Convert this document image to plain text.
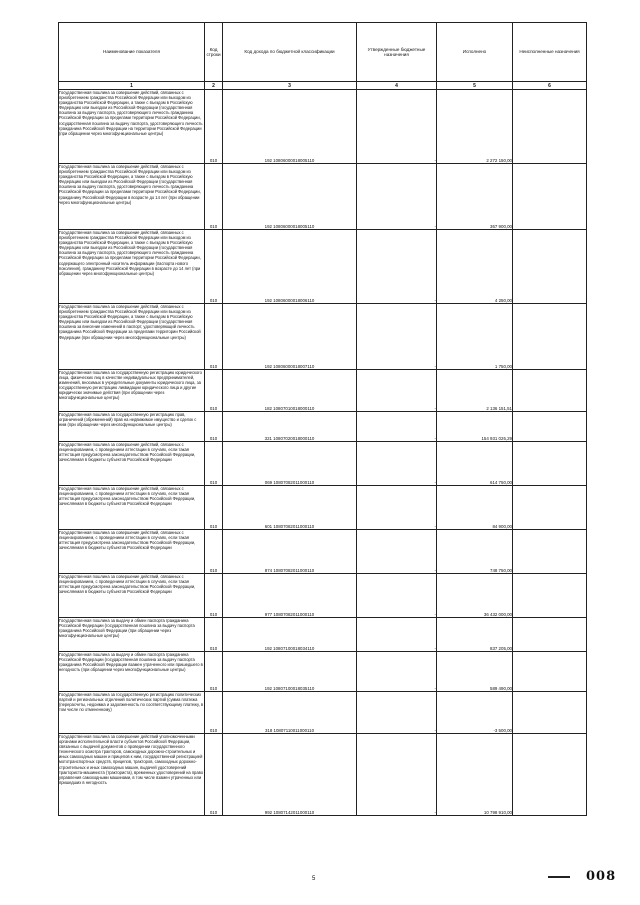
Наименование показателя	Код строки	Код дохода по бюджетной классификации	Утвержденные бюджетные назначения	Исполнено	Неисполненные назначения
1	2	3	4	5	6
Государственная пошлина за совершение действий, связанных с приобретением гражданства Российской Федерации или выходом из гражданства Российской Федерации, а также с въездом в Российскую Федерацию или выездом из Российской Федерации (государственная пошлина за выдачу паспорта, удостоверяющего личность гражданина Российской Федерации за пределами территории Российской Федерации, государственная пошлина за выдачу паспорта, удостоверяющего личность гражданина Российской Федерации на территории Российской Федерации (при обращении через многофункциональные центры)	010	192 10806000018005110	-	2 272 150,00	
Государственная пошлина за совершение действий, связанных с приобретением гражданства Российской Федерации или выходом из гражданства Российской Федерации, а также с въездом в Российскую Федерацию или выездом из Российской Федерации (государственная пошлина за выдачу паспорта, удостоверяющего личность гражданина Российской Федерации за пределами территории Российской Федерации, гражданину Российской Федерации в возрасте до 14 лет (при обращении через многофункциональные центры)	010	192 10806000018005110	-	367 900,00	
Государственная пошлина за совершение действий, связанных с приобретением гражданства Российской Федерации или выходом из гражданства Российской Федерации, а также с въездом в Российскую Федерацию или выездом из Российской Федерации (государственная пошлина за выдачу паспорта, удостоверяющего личность гражданина Российской Федерации за пределами территории Российской Федерации, содержащего электронный носитель информации (паспорта нового поколения), гражданину Российской Федерации в возрасте до 14 лет (при обращении через многофункциональные центры)	010	192 10806000018006110	-	4 250,00	
Государственная пошлина за совершение действий, связанных с приобретением гражданства Российской Федерации или выходом из гражданства Российской Федерации, а также с въездом в Российскую Федерацию или выездом из Российской Федерации (государственная пошлина за внесение изменений в паспорт, удостоверяющий личность гражданина Российской Федерации за пределами территории Российской Федерации (при обращении через многофункциональные центры)	010	192 10806000018007110	-	1 750,00	
Государственная пошлина за государственную регистрацию юридического лица, физических лиц в качестве индивидуальных предпринимателей, изменений, вносимых в учредительные документы юридического лица, за государственную регистрацию ликвидации юридического лица и другие юридически значимые действия (при обращении через многофункциональные центры)	010	182 10807010018000110	-	2 136 151,51	
Государственная пошлина за государственную регистрацию прав, ограничений (обременений) прав на недвижимое имущество и сделок с ним (при обращении через многофункциональные центры)	010	321 10807020018000110	-	154 931 026,29	
Государственная пошлина за совершение действий, связанных с лицензированием, с проведением аттестации в случаях, если такая аттестация предусмотрена законодательством Российской Федерации, зачисляемая в бюджеты субъектов Российской Федерации	010	069 10807082011000110	-	614 750,00	
Государственная пошлина за совершение действий, связанных с лицензированием, с проведением аттестации в случаях, если такая аттестация предусмотрена законодательством Российской Федерации, зачисляемая в бюджеты субъектов Российской Федерации	010	601 10807082011000110	-	84 900,00	
Государственная пошлина за совершение действий, связанных с лицензированием, с проведением аттестации в случаях, если такая аттестация предусмотрена законодательством Российской Федерации, зачисляемая в бюджеты субъектов Российской Федерации	010	874 10807082011000110	-	748 750,00	
Государственная пошлина за совершение действий, связанных с лицензированием, с проведением аттестации в случаях, если такая аттестация предусмотрена законодательством Российской Федерации, зачисляемая в бюджеты субъектов Российской Федерации	010	977 10807082011000110	-	36 432 000,00	
Государственная пошлина за выдачу и обмен паспорта гражданина Российской Федерации (государственная пошлина за выдачу паспорта гражданина Российской Федерации (при обращении через многофункциональные центры)	010	192 10807100018034110	-	837 205,00	
Государственная пошлина за выдачу и обмен паспорта гражданина Российской Федерации (государственная пошлина за выдачу паспорта гражданина Российской Федерации взамен утраченного или пришедшего в негодность (при обращении через многофункциональные центры)	010	192 10807100018035110	-	589 490,00	
Государственная пошлина за государственную регистрацию политических партий и региональных отделений политических партий (сумма платежа (перерасчеты, недоимка и задолженность по соответствующему платежу, в том числе по отмененному)	010	318 10807110011000110	-	-3 500,00	
Государственная пошлина за совершение действий уполномоченными органами исполнительной власти субъектов Российской Федерации, связанных с выдачей документов о проведении государственного технического осмотра тракторов, самоходных дорожно-строительных и иных самоходных машин и прицепов к ним, государственной регистрацией мототранспортных средств, прицепов, тракторов, самоходных дорожно-строительных и иных самоходных машин, выдачей удостоверений тракториста-машиниста (тракториста), временных удостоверений на право управления самоходными машинами, в том числе взамен утраченных или пришедших в негодность	010	992 10807142011000110	-	10 798 910,00	
5	008
